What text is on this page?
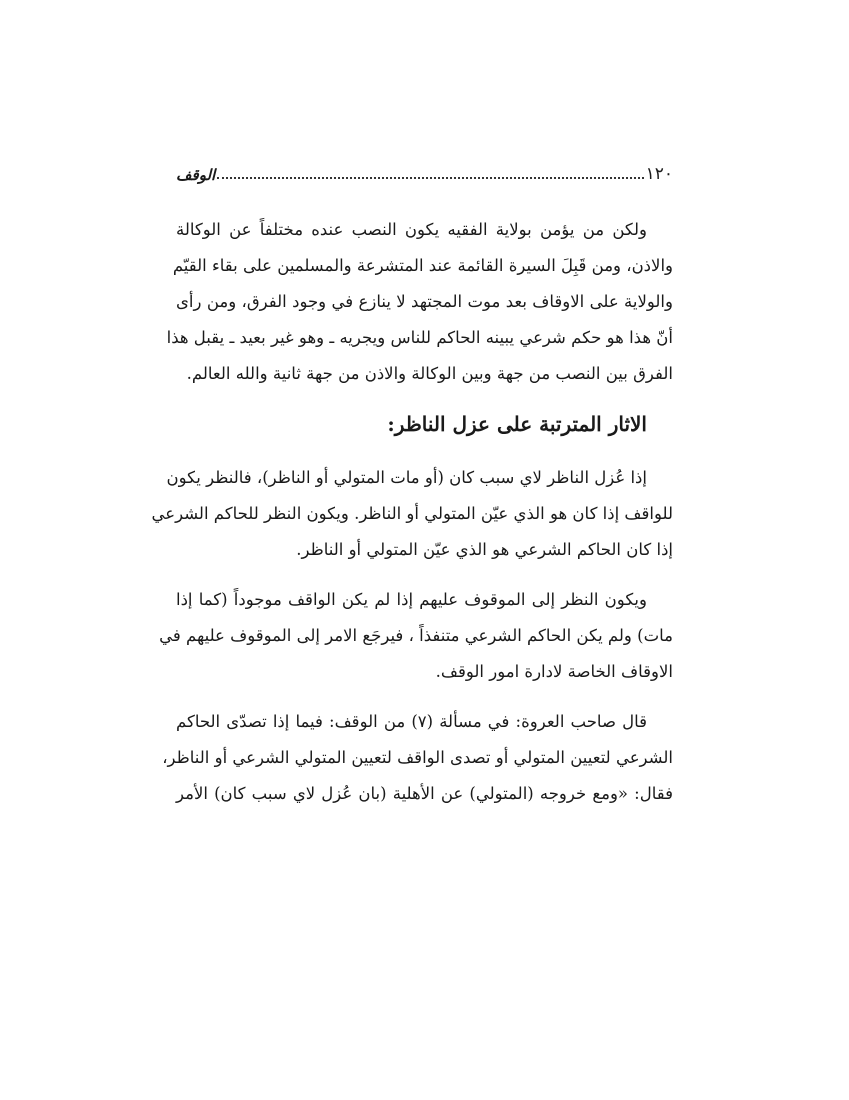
١٢٠
الوقف

ولكن من يؤمن بولاية الفقيه يكون النصب عنده مختلفاً عن الوكالة
والاذن، ومن قَبِلَ السيرة القائمة عند المتشرعة والمسلمين على بقاء القيّم
والولاية على الاوقاف بعد موت المجتهد لا ينازع في وجود الفرق، ومن رأى
أنّ هذا هو حكم شرعي يبينه الحاكم للناس ويجريه ـ وهو غير بعيد ـ يقبل هذا
الفرق بين النصب من جهة وبين الوكالة والاذن من جهة ثانية والله العالم.

الاثار المترتبة على عزل الناظر:

إذا عُزل الناظر لاي سبب كان (أو مات المتولي أو الناظر)، فالنظر يكون
للواقف إذا كان هو الذي عيّن المتولي أو الناظر. ويكون النظر للحاكم الشرعي
إذا كان الحاكم الشرعي هو الذي عيّن المتولي أو الناظر.

ويكون النظر إلى الموقوف عليهم إذا لم يكن الواقف موجوداً (كما إذا
مات) ولم يكن الحاكم الشرعي متنفذاً ، فيرجَع الامر إلى الموقوف عليهم في
الاوقاف الخاصة لادارة امور الوقف.

قال صاحب العروة: في مسألة (٧) من الوقف: فيما إذا تصدّى الحاكم
الشرعي لتعيين المتولي أو تصدى الواقف لتعيين المتولي الشرعي أو الناظر،
فقال: «ومع خروجه (المتولي) عن الأهلية (بان عُزل لاي سبب كان) الأمر
